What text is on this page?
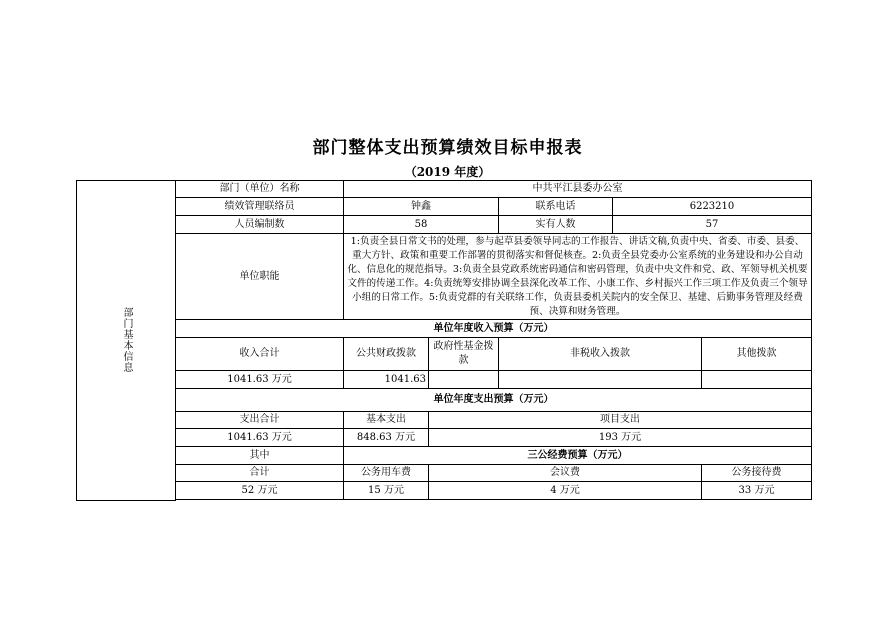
部门整体支出预算绩效目标申报表
（2019 年度）
部门基本信息	部门（单位）名称	中共平江县委办公室				
	绩效管理联络员	钟鑫		联系电话	6223210	
	人员编制数	58		实有人数	57	
	单位职能	1:负责全县日常文书的处理，参与起草县委领导同志的工作报告、讲话文稿,负责中央、省委、市委、县委、重大方针、政策和重要工作部署的贯彻落实和督促核查。2:负责全县党委办公室系统的业务建设和办公自动化、信息化的规范指导。3:负责全县党政系统密码通信和密码管理，负责中央文件和党、政、军领导机关机要文件的传递工作。4:负责统筹安排协调全县深化改革工作、小康工作、乡村振兴工作三项工作及负责三个领导小组的日常工作。5:负责党群的有关联络工作，负责县委机关院内的安全保卫、基建、后勤事务管理及经费预、决算和财务管理。				
	单位年度收入预算（万元）					
	收入合计	公共财政拨款	政府性基金拨款	非税收入拨款		其他拨款
	1041.63 万元	1041.63				
	单位年度支出预算（万元）					
	支出合计	基本支出	项目支出			
	1041.63 万元	848.63 万元	193 万元			
	其中	三公经费预算（万元）				
	合计	公务用车费	会议费			公务接待费
	52 万元	15 万元	4 万元			33 万元
